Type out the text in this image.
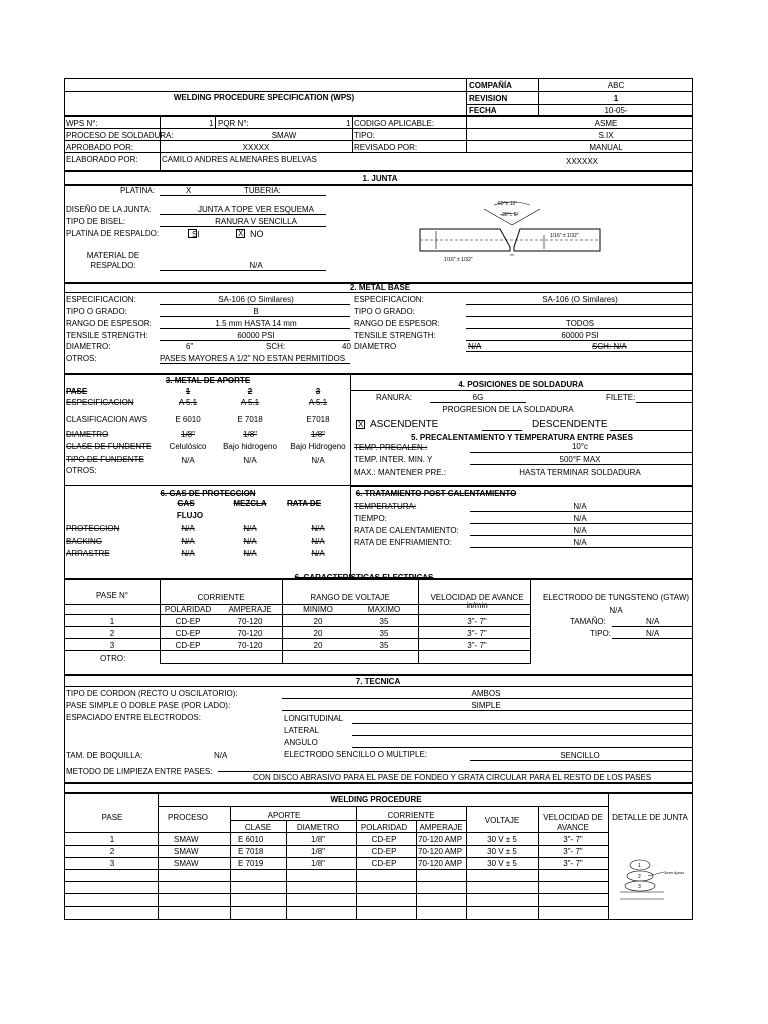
WELDING PROCEDURE SPECIFICATION (WPS)
COMPAÑÍA	ABC
REVISION	1
FECHA	10-05-
WPS N°:	1 PQR N°:	1 CODIGO APLICABLE:	ASME
PROCESO DE SOLDADURA:	SMAW	TIPO:	S.IX
APROBADO POR:	XXXXX	REVISADO POR:	MANUAL
ELABORADO POR:	CAMILO ANDRES ALMENARES BUELVAS	XXXXXX
1. JUNTA
PLATINA:	X	TUBERIA:
DISEÑO DE LA JUNTA:	JUNTA A TOPE VER ESQUEMA
TIPO DE BISEL:	RANURA V SENCILLA
PLATINA DE RESPALDO:	SI	X NO
MATERIAL DE
RESPALDO:	N/A
60°± 10°
30°± 5°
1/16" ± 1/32"
1/16" ± 1/32"
2. METAL BASE
ESPECIFICACION:	SA-106 (O Similares)	ESPECIFICACION:	SA-106 (O Similares)
TIPO O GRADO:	B	TIPO O GRADO:
RANGO DE ESPESOR:	1.5 mm HASTA 14 mm	RANGO DE ESPESOR:	TODOS
TENSILE STRENGTH:	60000 PSI	TENSILE STRENGTH:	60000 PSI
DIAMETRO:	6"	SCH:	40 DIAMETRO	N/A	SCH: N/A
OTROS:	PASES MAYORES A 1/2" NO ESTAN PERMITIDOS
3. METAL DE APORTE
PASE	1	2	3
ESPECIFICACION	A 5.1	A 5.1	A 5.1
CLASIFICACION AWS	E 6010	E 7018	E7018
DIAMETRO	1/8"	1/8"	1/8"
CLASE DE FUNDENTE Celulósico Bajo hidrogeno Bajo Hidrogeno
TIPO DE FUNDENTE	N/A	N/A	N/A
OTROS:
4. POSICIONES DE SOLDADURA
RANURA:	6G	FILETE:
PROGRESION DE LA SOLDADURA
X ASCENDENTE	DESCENDENTE
5. PRECALENTAMIENTO Y TEMPERATURA ENTRE PASES
TEMP. PRECALEN.:	10°c
TEMP. INTER. MIN. Y	500°F MAX
MAX.: MANTENER PRE.:	HASTA TERMINAR SOLDADURA
6. GAS DE PROTECCION
GAS	MEZCLA	RATA DE
FLUJO
PROTECCION	N/A	N/A	N/A
BACKING	N/A	N/A	N/A
ARRASTRE	N/A	N/A	N/A
6. TRATAMIENTO POST CALENTAMIENTO
TEMPERATURA:	N/A
TIEMPO:	N/A
RATA DE CALENTAMIENTO:	N/A
RATA DE ENFRIAMIENTO:	N/A
6. CARACTERISTICAS ELECTRICAS
PASE N°	CORRIENTE	RANGO DE VOLTAJE	VELOCIDAD DE AVANCE
in/min
POLARIDAD AMPERAJE	MINIMO	MAXIMO
1	CD-EP	70-120	20	35	3"- 7"
2	CD-EP	70-120	20	35	3"- 7"
3	CD-EP	70-120	20	35	3"- 7"
OTRO:
ELECTRODO DE TUNGSTENO (GTAW)
N/A
TAMAÑO:	N/A
TIPO:	N/A
7. TECNICA
TIPO DE CORDON (RECTO U OSCILATORIO):	AMBOS
PASE SIMPLE O DOBLE PASE (POR LADO):	SIMPLE
ESPACIADO ENTRE ELECTRODOS:	LONGITUDINAL
LATERAL
ANGULO
TAM. DE BOQUILLA:	N/A	ELECTRODO SENCILLO O MULTIPLE:	SENCILLO
METODO DE LIMPIEZA ENTRE PASES:
CON DISCO ABRASIVO PARA EL PASE DE FONDEO Y GRATA CIRCULAR PARA EL RESTO DE LOS PASES
WELDING PROCEDURE
PASE	PROCESO	APORTE
CLASE	DIAMETRO
CORRIENTE
POLARIDAD AMPERAJE
VOLTAJE	VELOCIDAD DE
AVANCE
DETALLE DE JUNTA
1	SMAW	E 6010	1/8"	CD-EP	70-120 AMP	30 V ± 5	3"- 7"
2	SMAW	E 7018	1/8"	CD-EP	70-120 AMP	30 V ± 5	3"- 7"
3	SMAW	E 7019	1/8"	CD-EP	70-120 AMP	30 V ± 5	3"- 7"	1
2
3
3mm Aprox
